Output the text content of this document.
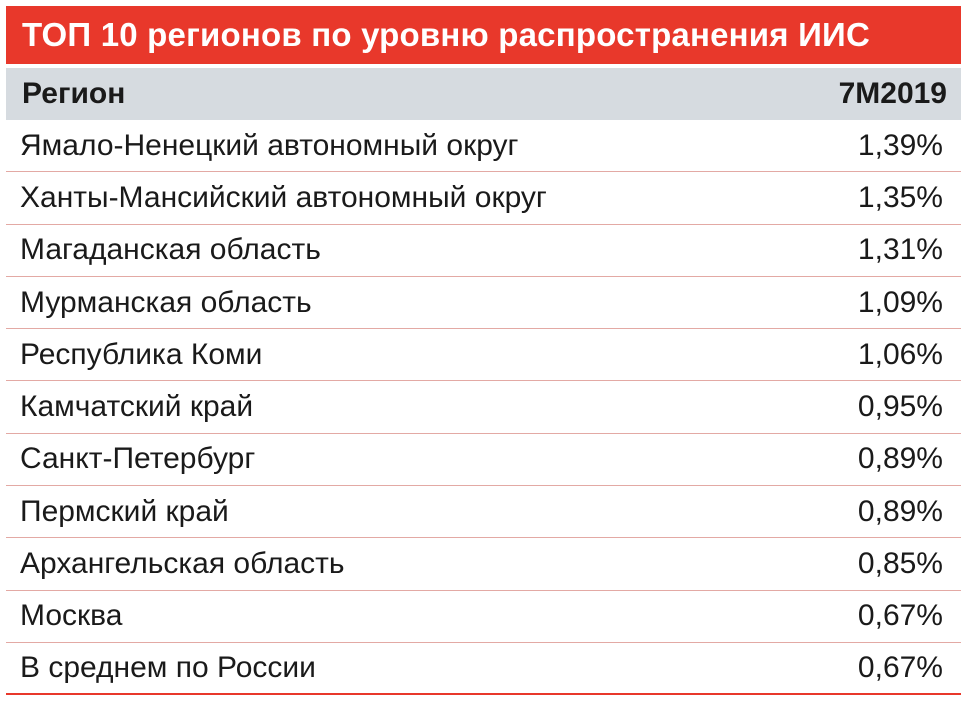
ТОП 10 регионов по уровню распространения ИИС
Регион	7М2019
Ямало-Ненецкий автономный округ	1,39%
Ханты-Мансийский автономный округ	1,35%
Магаданская область	1,31%
Мурманская область	1,09%
Республика Коми	1,06%
Камчатский край	0,95%
Санкт-Петербург	0,89%
Пермский край	0,89%
Архангельская область	0,85%
Москва	0,67%
В среднем по России	0,67%
